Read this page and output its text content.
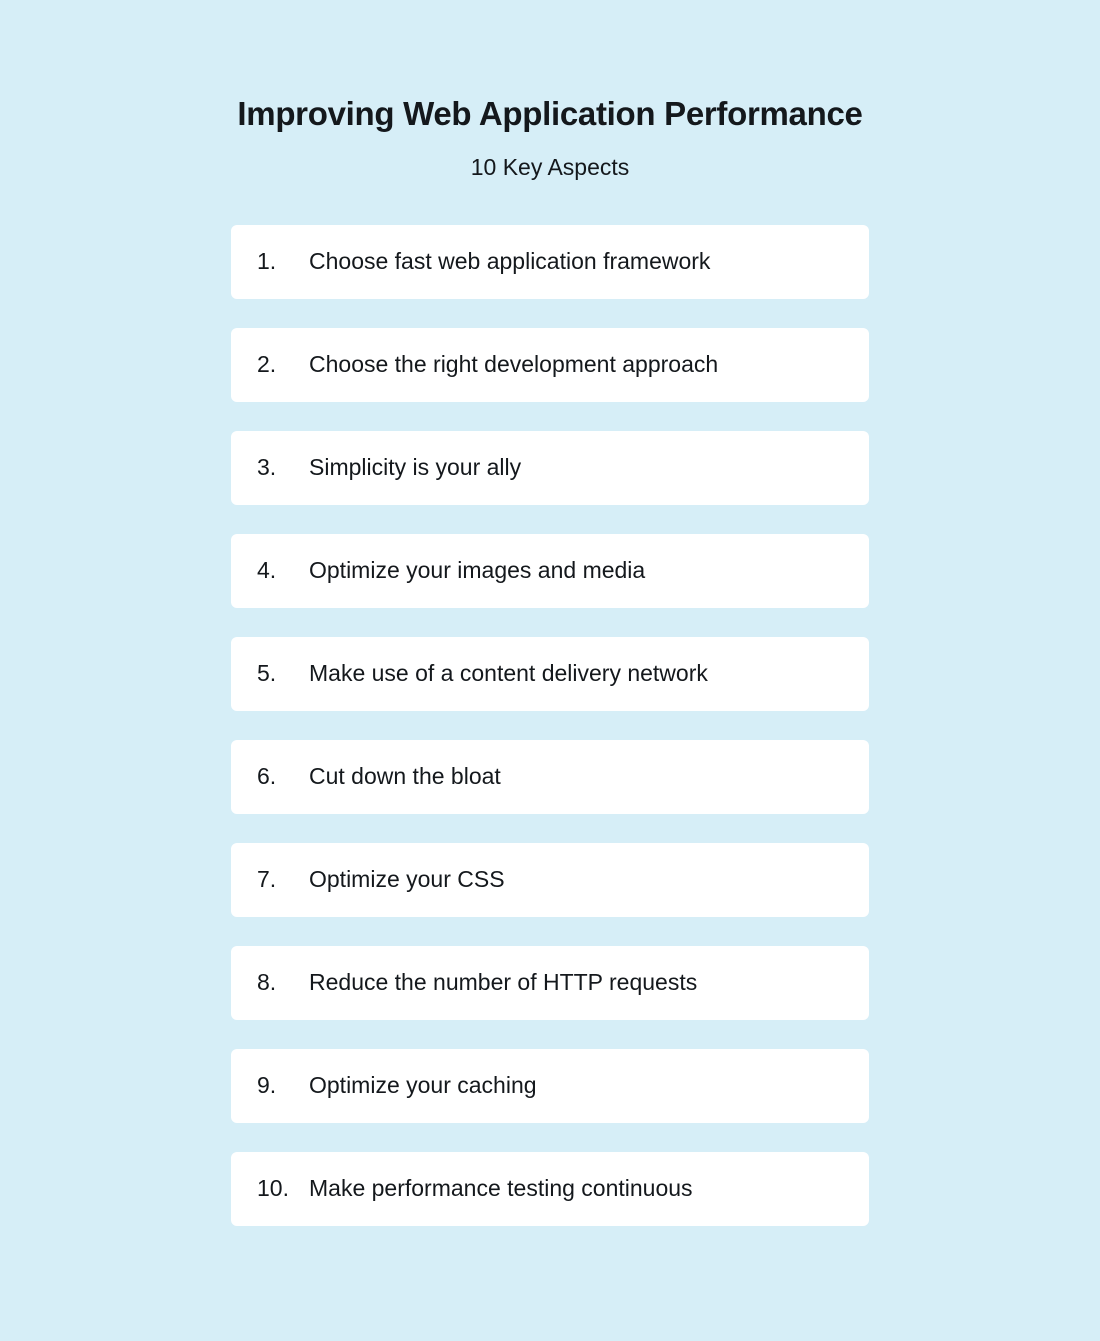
Improving Web Application Performance
10 Key Aspects
1.	Choose fast web application framework
2.	Choose the right development approach
3.	Simplicity is your ally
4.	Optimize your images and media
5.	Make use of a content delivery network
6.	Cut down the bloat
7.	Optimize your CSS
8.	Reduce the number of HTTP requests
9.	Optimize your caching
10. Make performance testing continuous
